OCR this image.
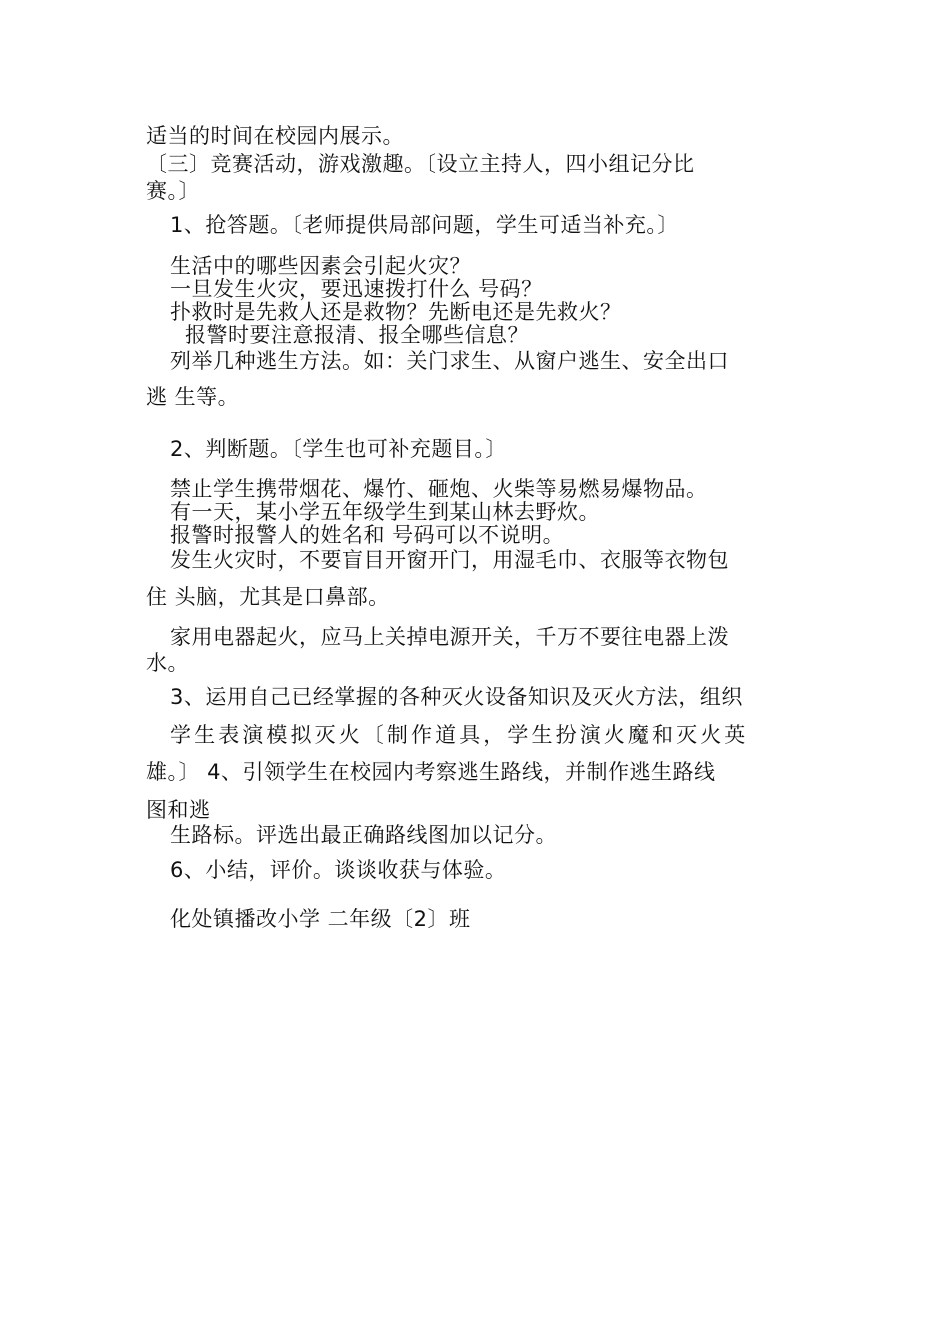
适当的时间在校园内展示。
〔三〕竞赛活动，游戏激趣。〔设立主持人，四小组记分比
赛。〕
1、抢答题。〔老师提供局部问题，学生可适当补充。〕
生活中的哪些因素会引起火灾？
一旦发生火灾，要迅速拨打什么 号码？
扑救时是先救人还是救物？先断电还是先救火？
报警时要注意报清、报全哪些信息？
列举几种逃生方法。如：关门求生、从窗户逃生、安全出口
逃 生等。
2、判断题。〔学生也可补充题目。〕
禁止学生携带烟花、爆竹、砸炮、火柴等易燃易爆物品。
有一天，某小学五年级学生到某山林去野炊。
报警时报警人的姓名和 号码可以不说明。
发生火灾时，不要盲目开窗开门，用湿毛巾、衣服等衣物包
住 头脑，尤其是口鼻部。
家用电器起火，应马上关掉电源开关，千万不要往电器上泼
水。
3、运用自己已经掌握的各种灭火设备知识及灭火方法，组织
学生表演模拟灭火〔制作道具，学生扮演火魔和灭火英
雄。〕 4、引领学生在校园内考察逃生路线，并制作逃生路线
图和逃
生路标。评选出最正确路线图加以记分。
6、小结，评价。谈谈收获与体验。
化处镇播改小学 二年级〔2〕班
